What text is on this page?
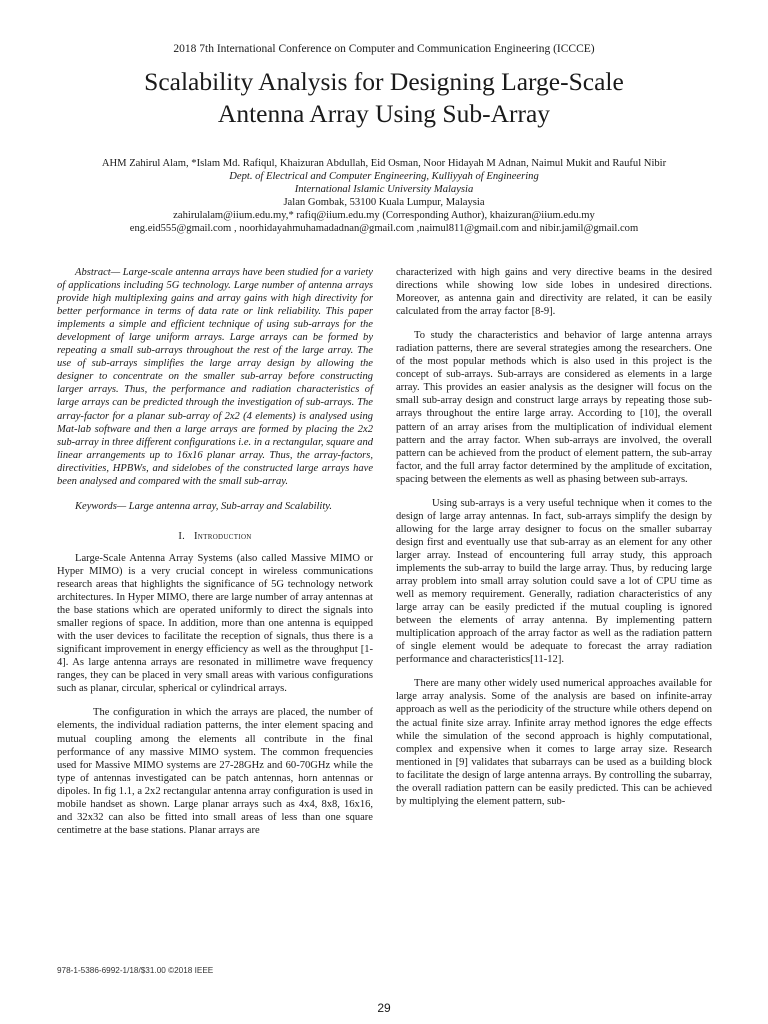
2018 7th International Conference on Computer and Communication Engineering (ICCCE)
Scalability Analysis for Designing Large-Scale
Antenna Array Using Sub-Array
AHM Zahirul Alam, *Islam Md. Rafiqul, Khaizuran Abdullah, Eid Osman, Noor Hidayah M Adnan, Naimul Mukit and Rauful Nibir
Dept. of Electrical and Computer Engineering, Kulliyyah of Engineering
International Islamic University Malaysia
Jalan Gombak, 53100 Kuala Lumpur, Malaysia
zahirulalam@iium.edu.my,* rafiq@iium.edu.my (Corresponding Author), khaizuran@iium.edu.my
eng.eid555@gmail.com , noorhidayahmuhamadadnan@gmail.com ,naimul811@gmail.com and nibir.jamil@gmail.com

Abstract— Large-scale antenna arrays have been studied for a variety of applications including 5G technology. Large number of antenna arrays provide high multiplexing gains and array gains with high directivity for better performance in terms of data rate or link reliability. This paper implements a simple and efficient technique of using sub-arrays for the development of large uniform arrays. Large arrays can be formed by repeating a small sub-arrays throughout the rest of the large array. The use of sub-arrays simplifies the large array design by allowing the designer to concentrate on the smaller sub-array before constructing larger arrays. Thus, the performance and radiation characteristics of large arrays can be predicted through the investigation of sub-arrays. The array-factor for a planar sub-array of 2x2 (4 elements) is analysed using Mat-lab software and then a large arrays are formed by placing the 2x2 sub-array in three different configurations i.e. in a rectangular, square and linear arrangements up to 16x16 planar array. Thus, the array-factors, directivities, HPBWs, and sidelobes of the constructed large arrays have been analysed and compared with the small sub-array.

Keywords— Large antenna array, Sub-array and Scalability.

I. Introduction

Large-Scale Antenna Array Systems (also called Massive MIMO or Hyper MIMO) is a very crucial concept in wireless communications research areas that highlights the significance of 5G technology network architectures. In Hyper MIMO, there are large number of array antennas at the base stations which are operated uniformly to direct the signals into smaller regions of space. In addition, more than one antenna is equipped with the user devices to facilitate the reception of signals, thus there is a significant improvement in energy efficiency as well as the throughput [1-4]. As large antenna arrays are resonated in millimetre wave frequency ranges, they can be placed in very small areas with various configurations such as planar, circular, spherical or cylindrical arrays.

The configuration in which the arrays are placed, the number of elements, the individual radiation patterns, the inter element spacing and mutual coupling among the elements all contribute in the final performance of any massive MIMO system. The common frequencies used for Massive MIMO systems are 27-28GHz and 60-70GHz while the type of antennas investigated can be patch antennas, horn antennas or dipoles. In fig 1.1, a 2x2 rectangular antenna array configuration is used in mobile handset as shown. Large planar arrays such as 4x4, 8x8, 16x16, and 32x32 can also be fitted into small areas of less than one square centimetre at the base stations. Planar arrays are

characterized with high gains and very directive beams in the desired directions while showing low side lobes in undesired directions. Moreover, as antenna gain and directivity are related, it can be easily calculated from the array factor [8-9].

To study the characteristics and behavior of large antenna arrays radiation patterns, there are several strategies among the researchers. One of the most popular methods which is also used in this project is the concept of sub-arrays. Sub-arrays are considered as elements in a large array. This provides an easier analysis as the designer will focus on the small sub-array design and construct large arrays by repeating those sub-arrays throughout the entire large array. According to [10], the overall pattern of an array arises from the multiplication of individual element pattern and the array factor. When sub-arrays are involved, the overall pattern can be achieved from the product of element pattern, the sub-array factor, and the full array factor determined by the amplitude of excitation, spacing between the elements as well as phasing between sub-arrays.

Using sub-arrays is a very useful technique when it comes to the design of large array antennas. In fact, sub-arrays simplify the design by allowing for the large array designer to focus on the smaller subarray design first and eventually use that sub-array as an element for any other larger array. Instead of encountering full array study, this approach implements the sub-array to build the large array. Thus, by reducing large array problem into small array solution could save a lot of CPU time as well as memory requirement. Generally, radiation characteristics of any large array can be easily predicted if the mutual coupling is ignored between the elements of array antenna. By implementing pattern multiplication approach of the array factor as well as the radiation pattern of single element would be adequate to forecast the array radiation performance and characteristics[11-12].

There are many other widely used numerical approaches available for large array analysis. Some of the analysis are based on infinite-array approach as well as the periodicity of the structure while others depend on the actual finite size array. Infinite array method ignores the edge effects while the simulation of the second approach is highly computational, complex and expensive when it comes to large array size. Research mentioned in [9] validates that subarrays can be used as a building block to facilitate the design of large antenna arrays. By controlling the subarray, the overall radiation pattern can be easily predicted. This can be achieved by multiplying the element pattern, sub-

978-1-5386-6992-1/18/$31.00 ©2018 IEEE
29
